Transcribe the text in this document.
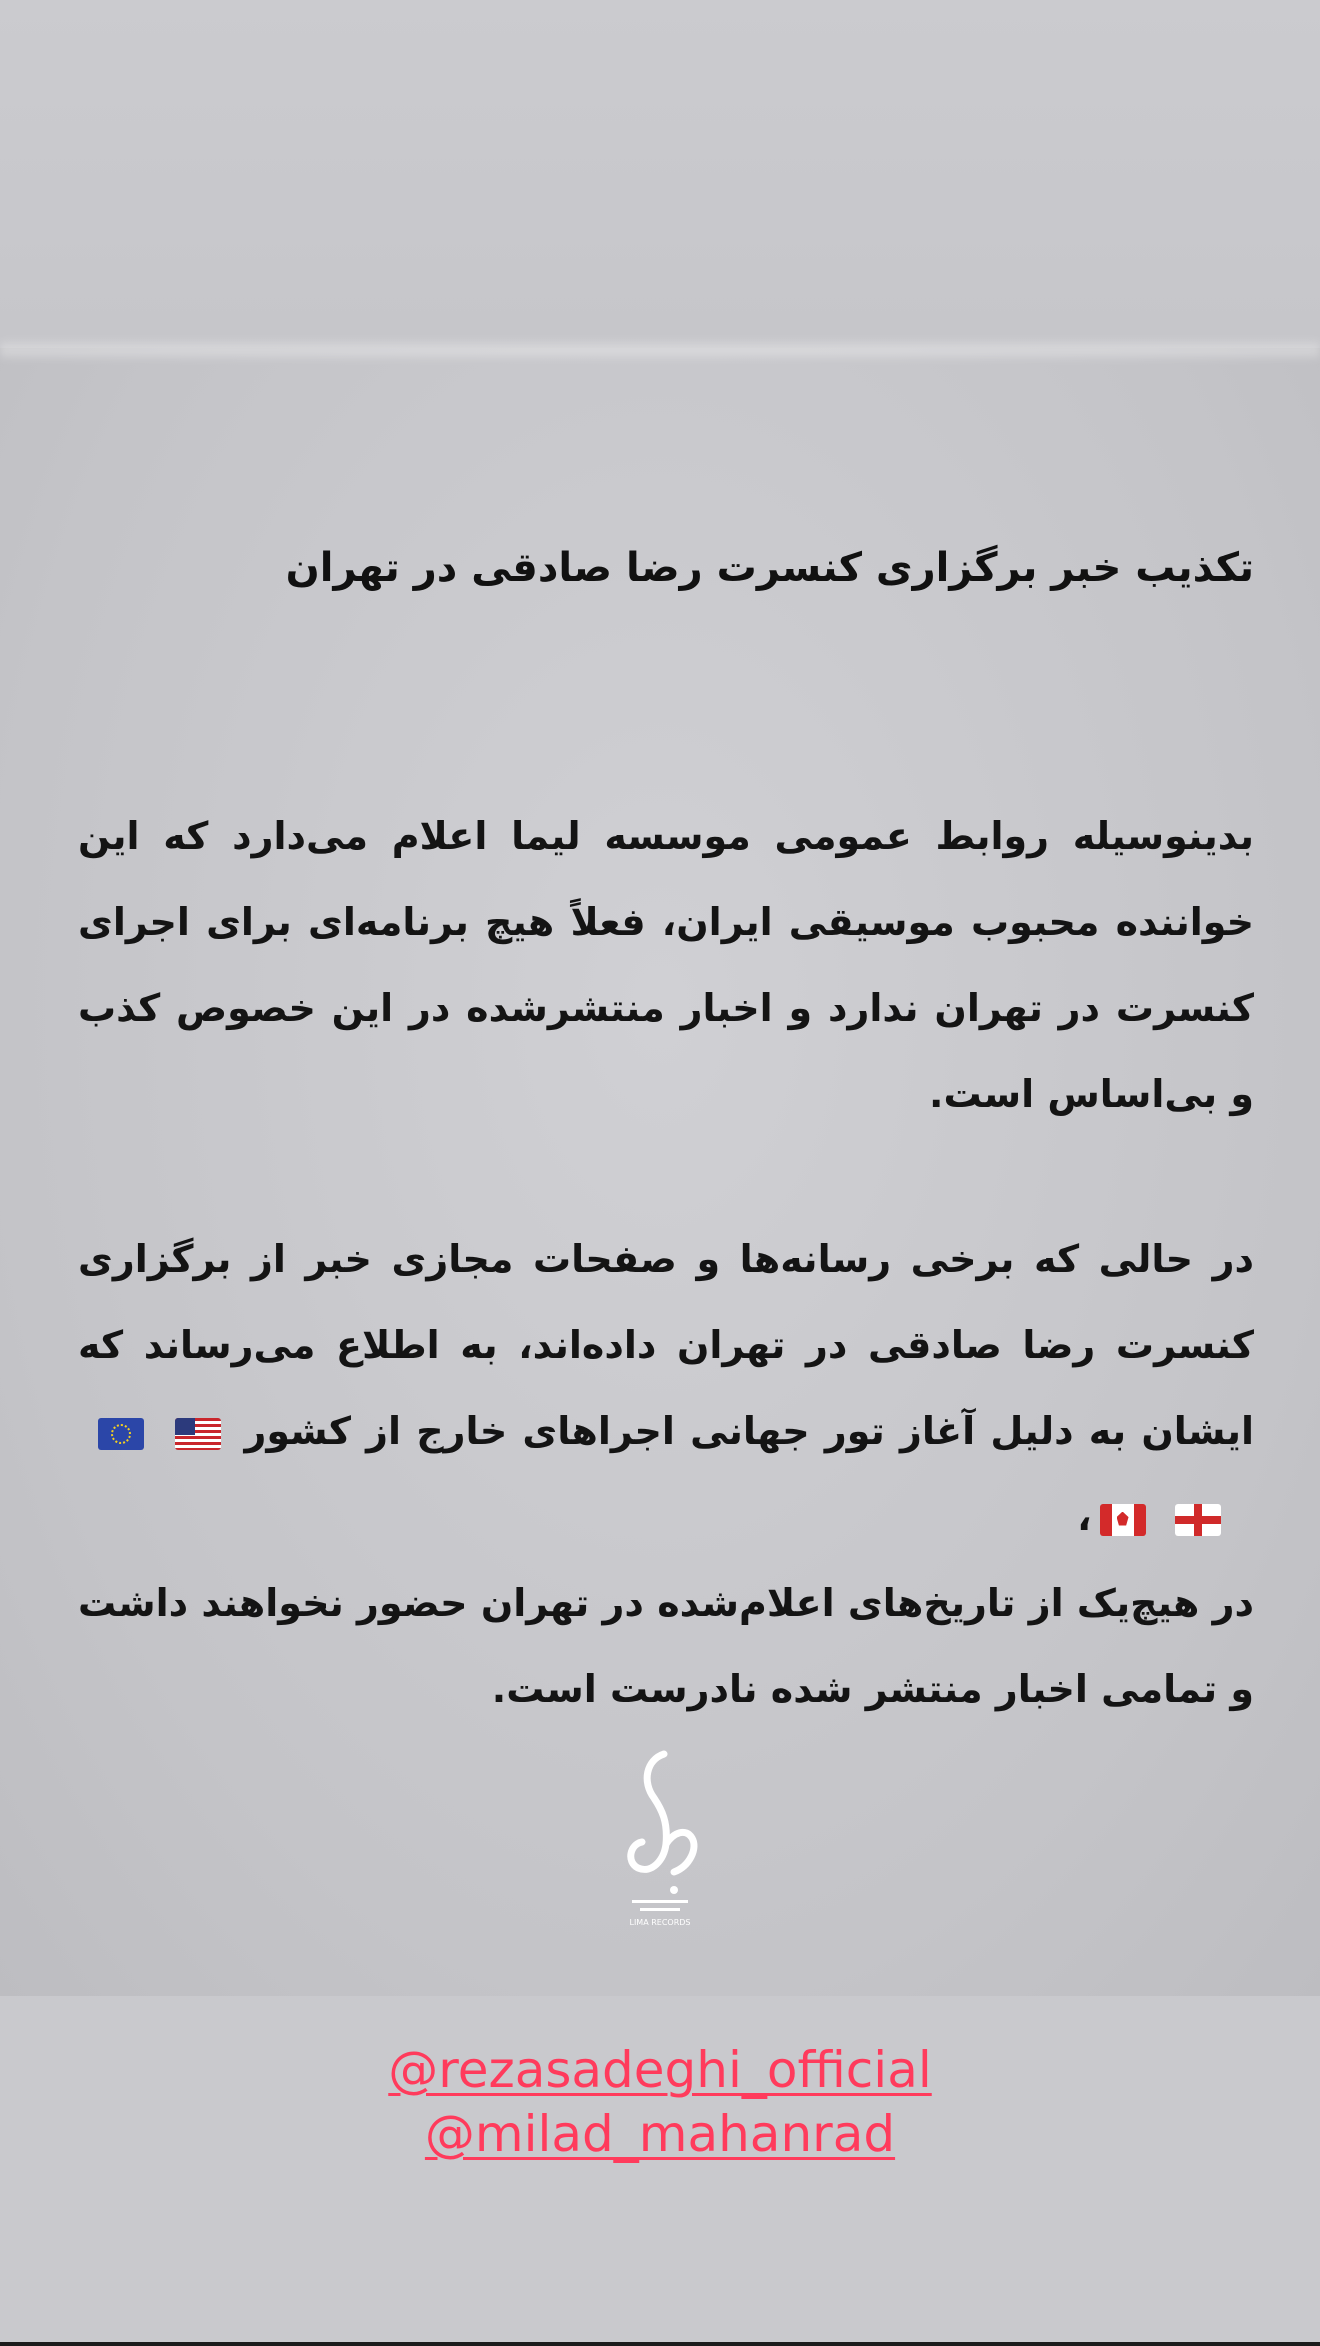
تکذیب خبر برگزاری کنسرت رضا صادقی در تهران
بدینوسیله روابط عمومی موسسه لیما اعلام می‌دارد که این خواننده محبوب موسیقی ایران، فعلاً هیچ برنامه‌ای برای اجرای کنسرت در تهران ندارد و اخبار منتشرشده در این خصوص کذب و بی‌اساس است.
در حالی که برخی رسانه‌ها و صفحات مجازی خبر از برگزاری کنسرت رضا صادقی در تهران داده‌اند، به اطلاع می‌رساند که ایشان به دلیل آغاز تور جهانی اجراهای خارج از کشور     ،
در هیچ‌یک از تاریخ‌های اعلام‌شده در تهران حضور نخواهند داشت و تمامی اخبار منتشر شده نادرست است.
LIMA RECORDS
@rezasadeghi_official
@milad_mahanrad
